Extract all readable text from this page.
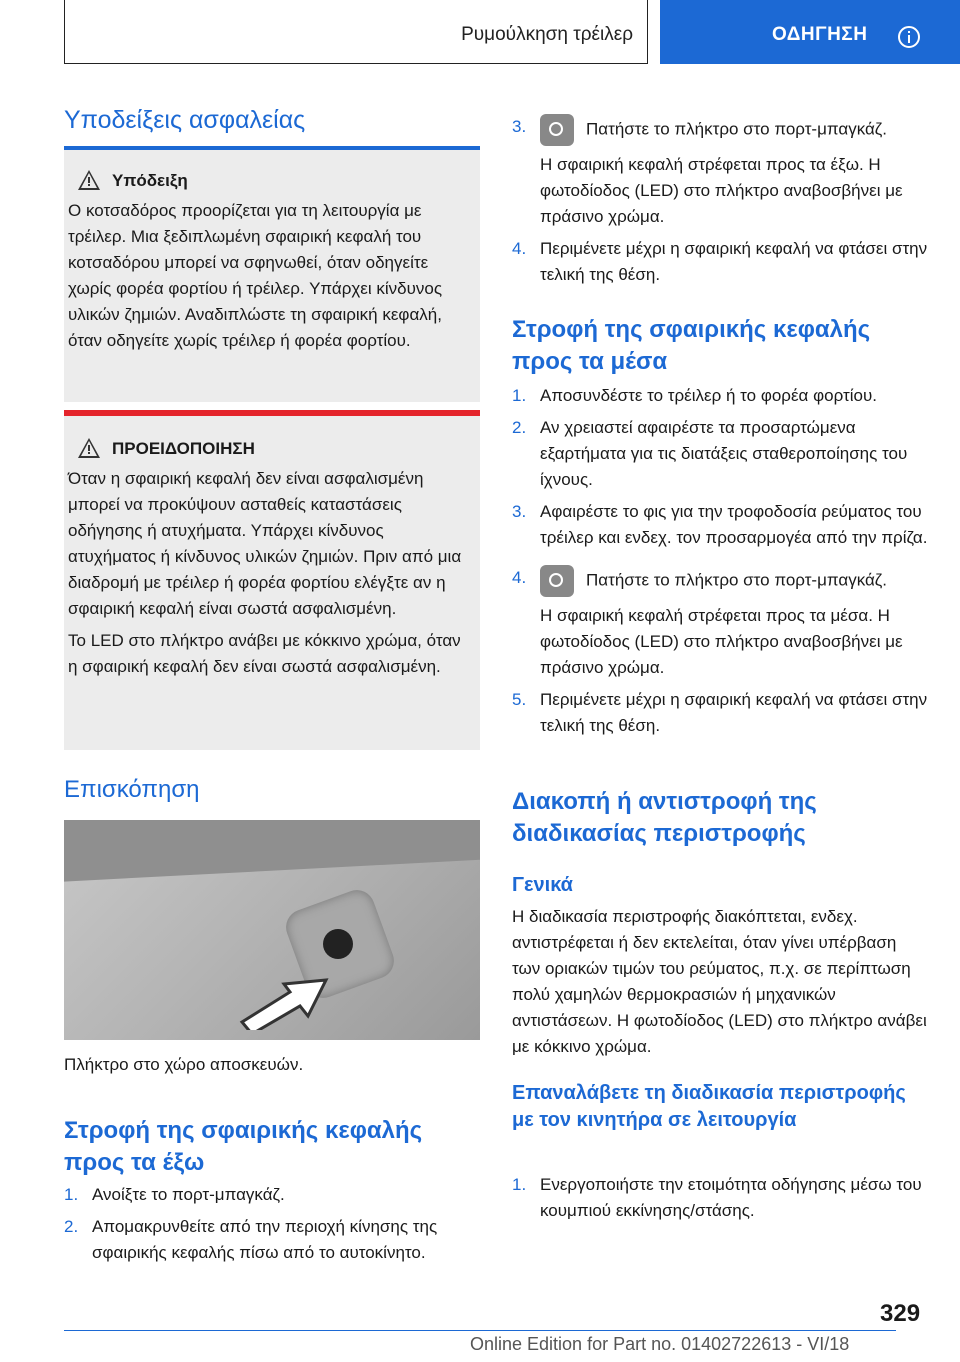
Ρυμούλκηση τρέιλερ	ΟΔΗΓΗΣΗ
Υποδείξεις ασφαλείας
Υπόδειξη

Ο κοτσαδόρος προορίζεται για τη λειτουργία με τρέιλερ. Μια ξεδιπλωμένη σφαιρική κεφαλή του κοτσαδόρου μπορεί να σφηνωθεί, όταν οδηγείτε χωρίς φορέα φορτίου ή τρέιλερ. Υπάρχει κίνδυνος υλικών ζημιών. Αναδιπλώστε τη σφαιρική κεφαλή, όταν οδηγείτε χωρίς τρέιλερ ή φορέα φορτίου.

ΠΡΟΕΙΔΟΠΟΙΗΣΗ

Όταν η σφαιρική κεφαλή δεν είναι ασφαλισμένη μπορεί να προκύψουν ασταθείς καταστάσεις οδήγησης ή ατυχήματα. Υπάρχει κίνδυνος ατυχήματος ή κίνδυνος υλικών ζημιών. Πριν από μια διαδρομή με τρέιλερ ή φορέα φορτίου ελέγξτε αν η σφαιρική κεφαλή είναι σωστά ασφαλισμένη.

Το LED στο πλήκτρο ανάβει με κόκκινο χρώμα, όταν η σφαιρική κεφαλή δεν είναι σωστά ασφαλισμένη.

Επισκόπηση
Πλήκτρο στο χώρο αποσκευών.
Στροφή της σφαιρικής κεφαλής προς τα έξω
1. Ανοίξτε το πορτ-μπαγκάζ.
2. Απομακρυνθείτε από την περιοχή κίνησης της σφαιρικής κεφαλής πίσω από το αυτοκίνητο.
3.	Πατήστε το πλήκτρο στο πορτ-μπαγκάζ.
Η σφαιρική κεφαλή στρέφεται προς τα έξω. Η φωτοδίοδος (LED) στο πλήκτρο αναβοσβήνει με πράσινο χρώμα.
4. Περιμένετε μέχρι η σφαιρική κεφαλή να φτάσει στην τελική της θέση.
Στροφή της σφαιρικής κεφαλής προς τα μέσα
1. Αποσυνδέστε το τρέιλερ ή το φορέα φορτίου.
2. Αν χρειαστεί αφαιρέστε τα προσαρτώμενα εξαρτήματα για τις διατάξεις σταθεροποίησης του ίχνους.
3. Αφαιρέστε το φις για την τροφοδοσία ρεύματος του τρέιλερ και ενδεχ. τον προσαρμογέα από την πρίζα.
4.	Πατήστε το πλήκτρο στο πορτ-μπαγκάζ.
Η σφαιρική κεφαλή στρέφεται προς τα μέσα. Η φωτοδίοδος (LED) στο πλήκτρο αναβοσβήνει με πράσινο χρώμα.
5. Περιμένετε μέχρι η σφαιρική κεφαλή να φτάσει στην τελική της θέση.
Διακοπή ή αντιστροφή της διαδικασίας περιστροφής
Γενικά
Η διαδικασία περιστροφής διακόπτεται, ενδεχ. αντιστρέφεται ή δεν εκτελείται, όταν γίνει υπέρβαση των οριακών τιμών του ρεύματος, π.χ. σε περίπτωση πολύ χαμηλών θερμοκρασιών ή μηχανικών αντιστάσεων. Η φωτοδίοδος (LED) στο πλήκτρο ανάβει με κόκκινο χρώμα.
Επαναλάβετε τη διαδικασία περιστροφής με τον κινητήρα σε λειτουργία
1. Ενεργοποιήστε την ετοιμότητα οδήγησης μέσω του κουμπιού εκκίνησης/στάσης.
329
Online Edition for Part no. 01402722613 - VI/18
